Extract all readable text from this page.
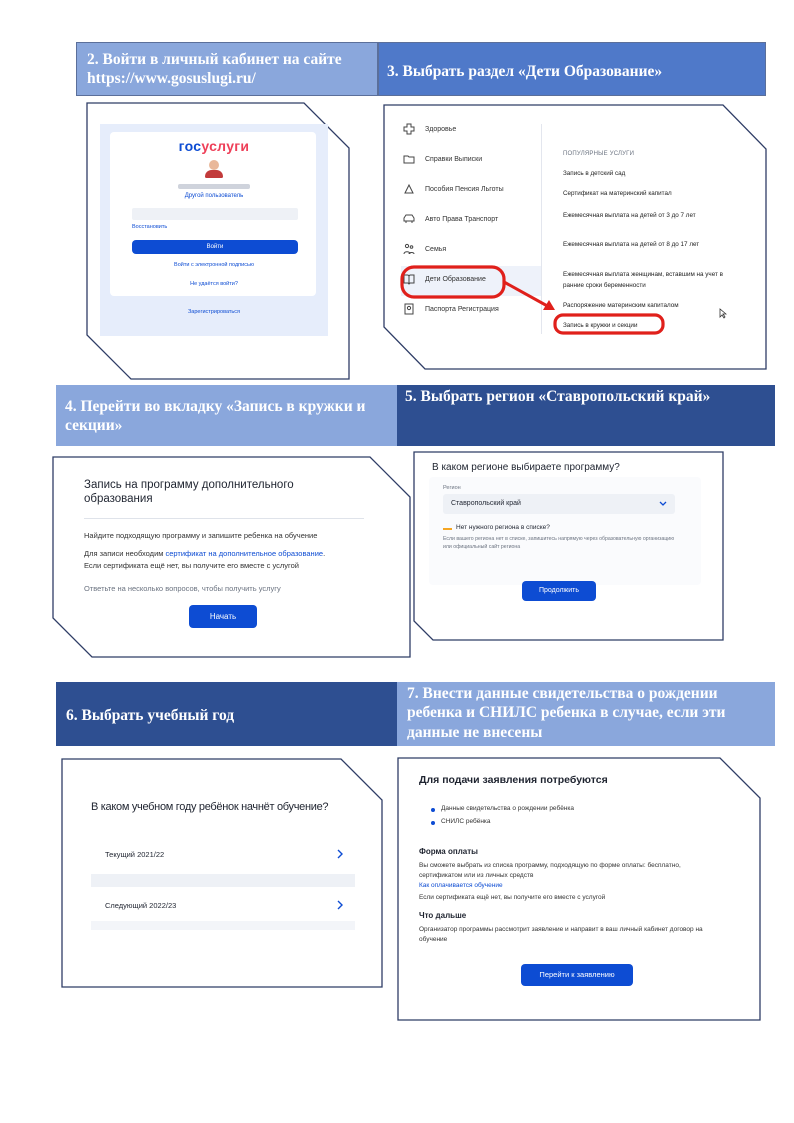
2. Войти в личный кабинет на сайте https://www.gosuslugi.ru/	3. Выбрать раздел «Дети Образование»
госуслуги
Другой пользователь
Восстановить
Войти
Войти с электронной подписью
Не удаётся войти?
Зарегистрироваться
Здоровье
Справки Выписки
Пособия Пенсия Льготы
Авто Права Транспорт
Семья
Дети Образование
Паспорта Регистрация
ПОПУЛЯРНЫЕ УСЛУГИ
Запись в детский сад
Сертификат на материнский капитал
Ежемесячная выплата на детей от 3 до 7 лет
Ежемесячная выплата на детей от 8 до 17 лет
Ежемесячная выплата женщинам, вставшим на учет в ранние сроки беременности
Распоряжение материнским капиталом
Запись в кружки и секции
4. Перейти во вкладку «Запись в кружки и секции»
5. Выбрать регион «Ставропольский край»
Запись на программу дополнительного образования
Найдите подходящую программу и запишите ребенка на обучение
Для записи необходим сертификат на дополнительное образование.
Если сертификата ещё нет, вы получите его вместе с услугой
Ответьте на несколько вопросов, чтобы получить услугу
Начать
В каком регионе выбираете программу?
Регион
Ставропольский край
Нет нужного региона в списке?
Если вашего региона нет в списке, запишитесь напрямую через образовательную организацию или официальный сайт региона
Продолжить
6. Выбрать учебный год
7. Внести данные свидетельства о рождении ребенка и СНИЛС ребенка в случае, если эти данные не внесены
В каком учебном году ребёнок начнёт обучение?
Текущий 2021/22
Следующий 2022/23
Для подачи заявления потребуются
Данные свидетельства о рождении ребёнка
СНИЛС ребёнка
Форма оплаты
Вы сможете выбрать из списка программу, подходящую по форме оплаты: бесплатно, сертификатом или из личных средств
Как оплачивается обучение
Если сертификата ещё нет, вы получите его вместе с услугой
Что дальше
Организатор программы рассмотрит заявление и направит в ваш личный кабинет договор на обучение
Перейти к заявлению
